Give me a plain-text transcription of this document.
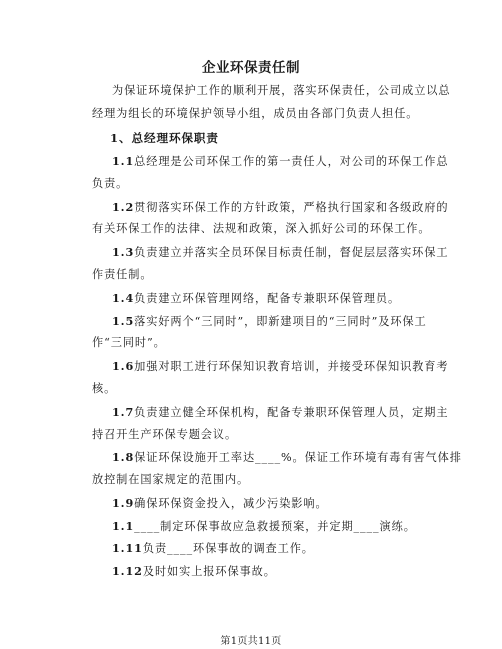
企业环保责任制
为保证环境保护工作的顺利开展，落实环保责任，公司成立以总
经理为组长的环境保护领导小组，成员由各部门负责人担任。
1、总经理环保职责
1.1总经理是公司环保工作的第一责任人，对公司的环保工作总
负责。
1.2贯彻落实环保工作的方针政策，严格执行国家和各级政府的
有关环保工作的法律、法规和政策，深入抓好公司的环保工作。
1.3负责建立并落实全员环保目标责任制，督促层层落实环保工
作责任制。
1.4负责建立环保管理网络，配备专兼职环保管理员。
1.5落实好两个“三同时”，即新建项目的“三同时”及环保工
作“三同时”。
1.6加强对职工进行环保知识教育培训，并接受环保知识教育考
核。
1.7负责建立健全环保机构，配备专兼职环保管理人员，定期主
持召开生产环保专题会议。
1.8保证环保设施开工率达____%。保证工作环境有毒有害气体排
放控制在国家规定的范围内。
1.9确保环保资金投入，减少污染影响。
1.1____制定环保事故应急救援预案，并定期____演练。
1.11负责____环保事故的调查工作。
1.12及时如实上报环保事故。
第1页共11页
